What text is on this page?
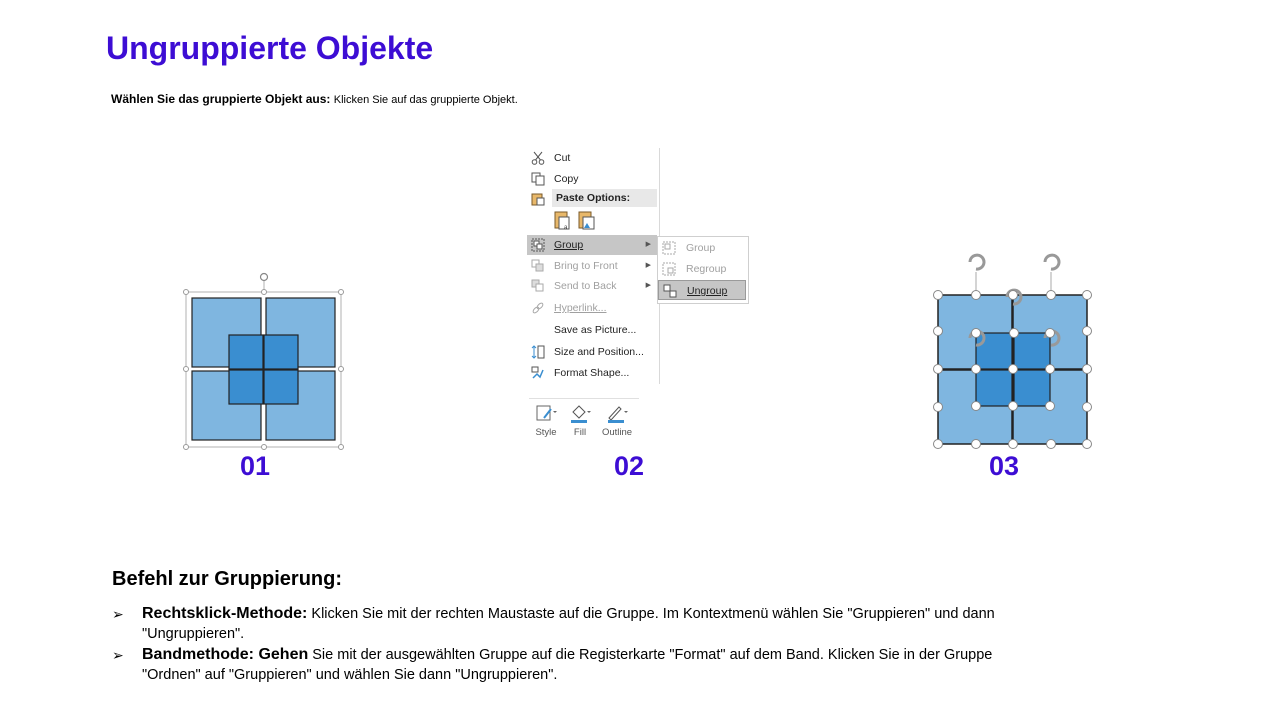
Ungruppierte Objekte
Wählen Sie das gruppierte Objekt aus: Klicken Sie auf das gruppierte Objekt.
01
Cut
Copy
Paste Options:
a
Group	▶
Bring to Front	▶
Send to Back	▶
Hyperlink...
Save as Picture...
Size and Position...
Format Shape...
Group
Regroup
Ungroup
Style	Fill	Outline
02	03
Befehl zur Gruppierung:
➢ Rechtsklick-Methode: Klicken Sie mit der rechten Maustaste auf die Gruppe. Im Kontextmenü wählen Sie "Gruppieren" und dann "Ungruppieren".
➢ Bandmethode: Gehen Sie mit der ausgewählten Gruppe auf die Registerkarte "Format" auf dem Band. Klicken Sie in der Gruppe "Ordnen" auf "Gruppieren" und wählen Sie dann "Ungruppieren".
